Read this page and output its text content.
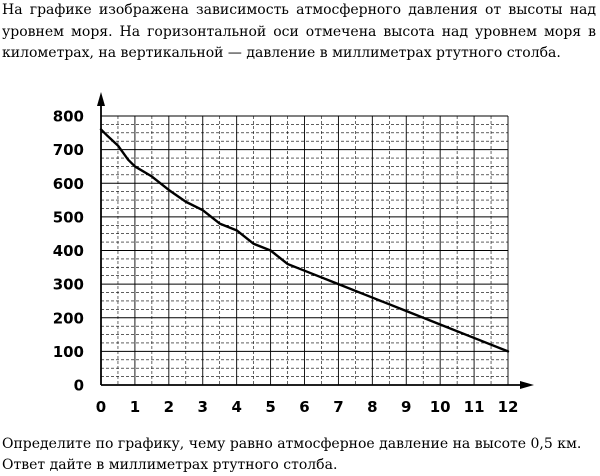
На графике изображена зависимость атмосферного давления от высоты над уровнем моря. На горизонтальной оси отмечена высота над уровнем моря в километрах, на вертикальной — давление в миллиметрах ртутного столба.

0 1 2 3 4 5 6 7 8 9 10 11 12
0
100
200
300
400
500
600
700
800
Определите по графику, чему равно атмосферное давление на высоте 0,5 км.
Ответ дайте в миллиметрах ртутного столба.
